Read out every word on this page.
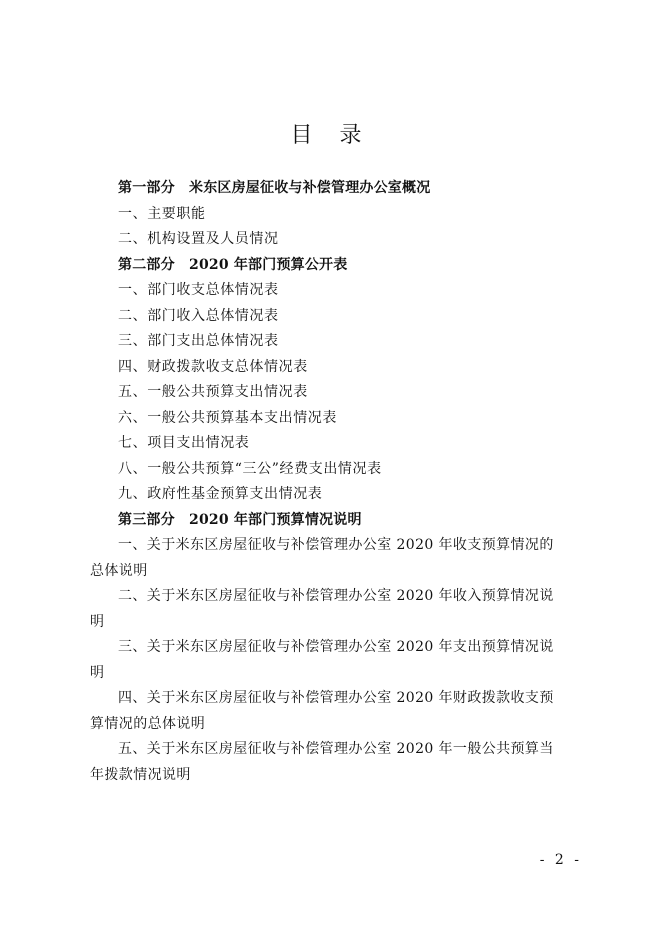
目 录
第一部分　米东区房屋征收与补偿管理办公室概况
一、主要职能
二、机构设置及人员情况
第二部分　2020 年部门预算公开表
一、部门收支总体情况表
二、部门收入总体情况表
三、部门支出总体情况表
四、财政拨款收支总体情况表
五、一般公共预算支出情况表
六、一般公共预算基本支出情况表
七、项目支出情况表
八、一般公共预算“三公”经费支出情况表
九、政府性基金预算支出情况表
第三部分　2020 年部门预算情况说明
一、关于米东区房屋征收与补偿管理办公室 2020 年收支预算情况的
总体说明
二、关于米东区房屋征收与补偿管理办公室 2020 年收入预算情况说
明
三、关于米东区房屋征收与补偿管理办公室 2020 年支出预算情况说
明
四、关于米东区房屋征收与补偿管理办公室 2020 年财政拨款收支预
算情况的总体说明
五、关于米东区房屋征收与补偿管理办公室 2020 年一般公共预算当
年拨款情况说明
- 2 -
